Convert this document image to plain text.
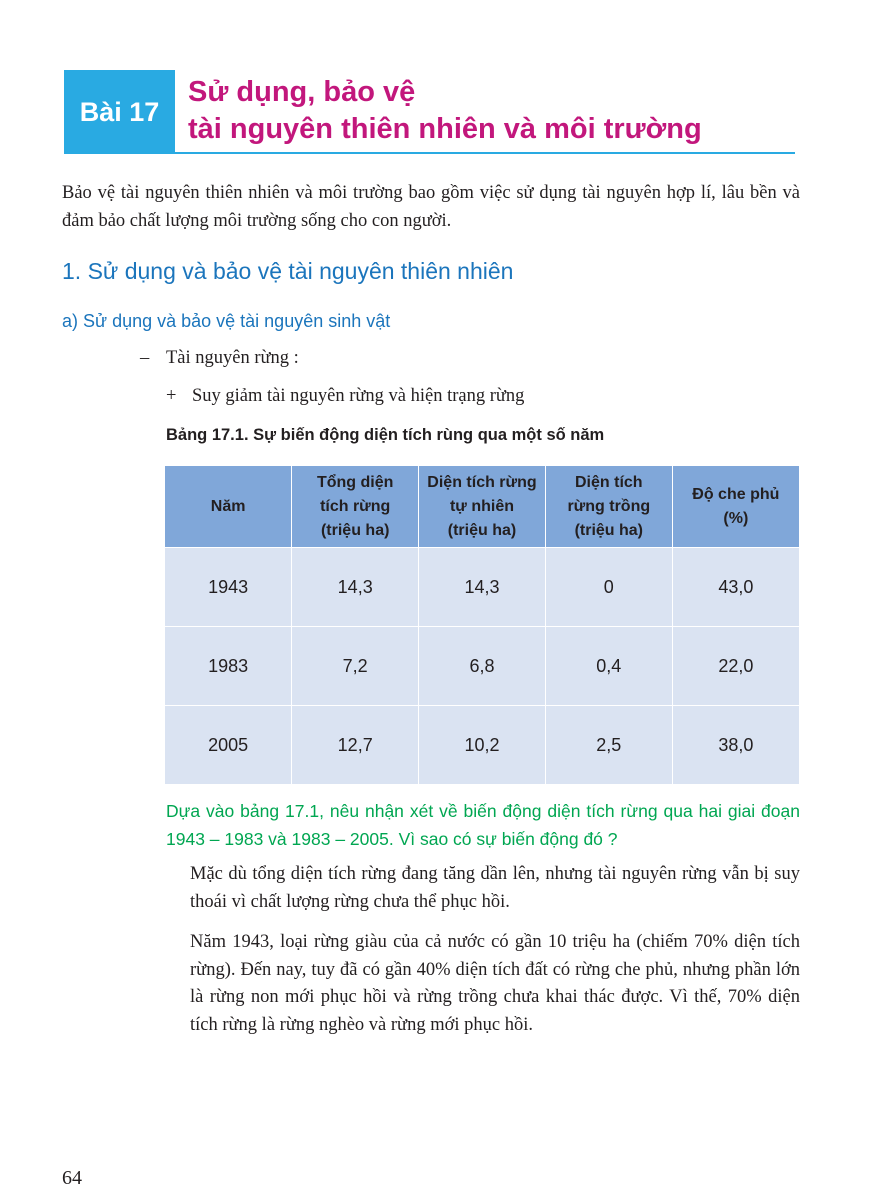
Bài 17
Sử dụng, bảo vệ
tài nguyên thiên nhiên và môi trường
Bảo vệ tài nguyên thiên nhiên và môi trường bao gồm việc sử dụng tài nguyên hợp lí, lâu bền và đảm bảo chất lượng môi trường sống cho con người.
1. Sử dụng và bảo vệ tài nguyên thiên nhiên
a) Sử dụng và bảo vệ tài nguyên sinh vật
– Tài nguyên rừng :
+ Suy giảm tài nguyên rừng và hiện trạng rừng
Bảng 17.1. Sự biến động diện tích rùng qua một số năm
Năm	Tổng diện
tích rừng
(triệu ha)	Diện tích rừng
tự nhiên
(triệu ha)	Diện tích
rừng trồng
(triệu ha)	Độ che phủ
(%)
1943	14,3	14,3	0	43,0
1983	7,2	6,8	0,4	22,0
2005	12,7	10,2	2,5	38,0
Dựa vào bảng 17.1, nêu nhận xét về biến động diện tích rừng qua hai giai đoạn 1943 – 1983 và 1983 – 2005. Vì sao có sự biến động đó ?
Mặc dù tổng diện tích rừng đang tăng dần lên, nhưng tài nguyên rừng vẫn bị suy thoái vì chất lượng rừng chưa thể phục hồi.
Năm 1943, loại rừng giàu của cả nước có gần 10 triệu ha (chiếm 70% diện tích rừng). Đến nay, tuy đã có gần 40% diện tích đất có rừng che phủ, nhưng phần lớn là rừng non mới phục hồi và rừng trồng chưa khai thác được. Vì thế, 70% diện tích rừng là rừng nghèo và rừng mới phục hồi.
64
